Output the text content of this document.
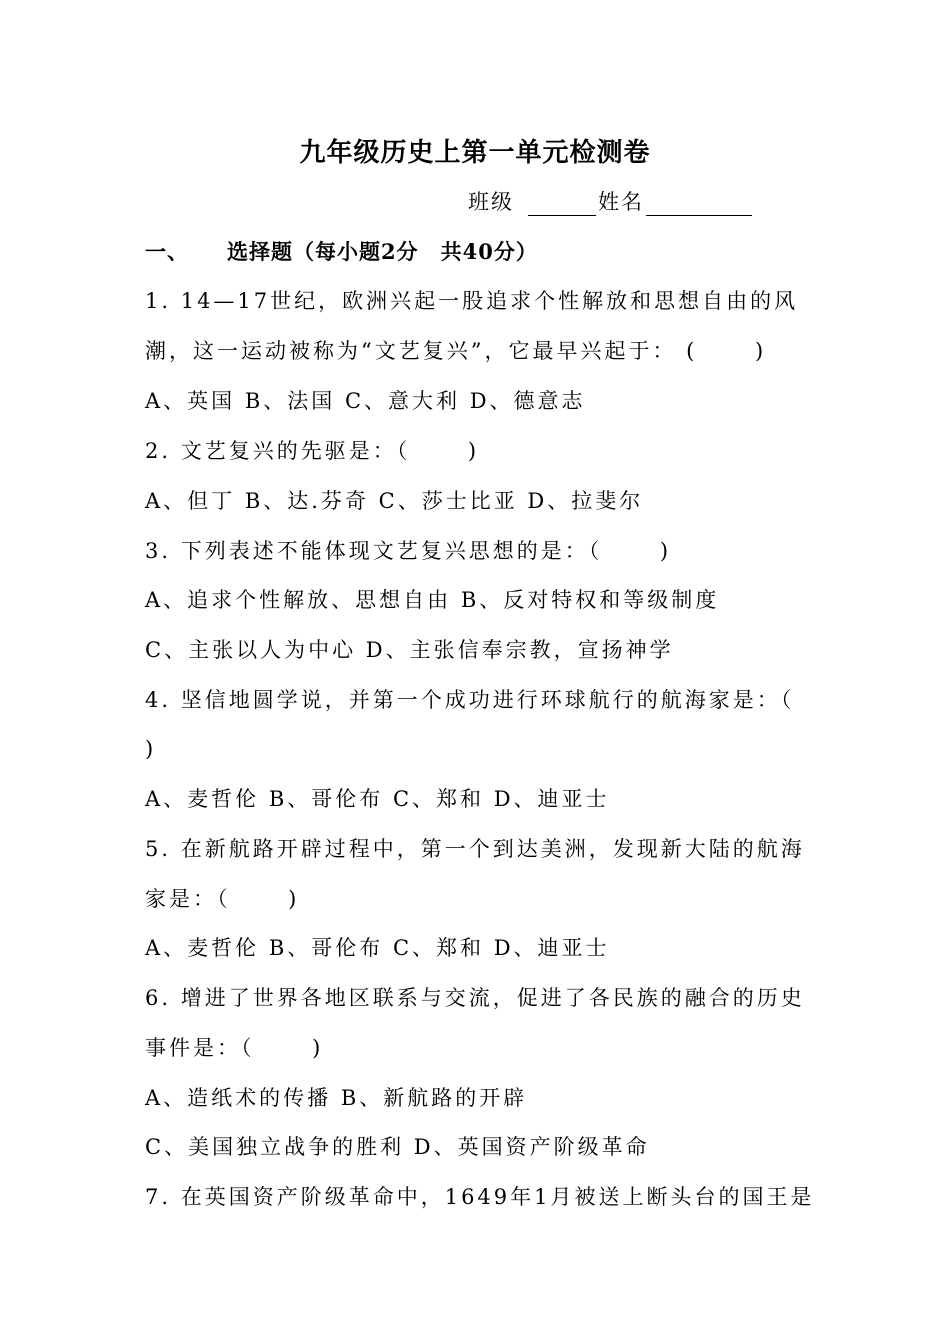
九年级历史上第一单元检测卷
班级	姓名
一、 选择题（每小题2分　共40分）
1. 14—17世纪，欧洲兴起一股追求个性解放和思想自由的风
潮，这一运动被称为“文艺复兴”，它最早兴起于： (　　 )
A、英国 B、法国 C、意大利 D、德意志
2. 文艺复兴的先驱是：（　　 )
A、但丁 B、达.芬奇 C、莎士比亚 D、拉斐尔
3. 下列表述不能体现文艺复兴思想的是：（　　 )
A、追求个性解放、思想自由 B、反对特权和等级制度
C、主张以人为中心 D、主张信奉宗教，宣扬神学
4. 坚信地圆学说，并第一个成功进行环球航行的航海家是：（
)
A、麦哲伦 B、哥伦布 C、郑和 D、迪亚士
5. 在新航路开辟过程中，第一个到达美洲，发现新大陆的航海
家是：（　　 )
A、麦哲伦 B、哥伦布 C、郑和 D、迪亚士
6. 增进了世界各地区联系与交流，促进了各民族的融合的历史
事件是：（　　 )
A、造纸术的传播 B、新航路的开辟
C、美国独立战争的胜利 D、英国资产阶级革命
7. 在英国资产阶级革命中，1649年1月被送上断头台的国王是
